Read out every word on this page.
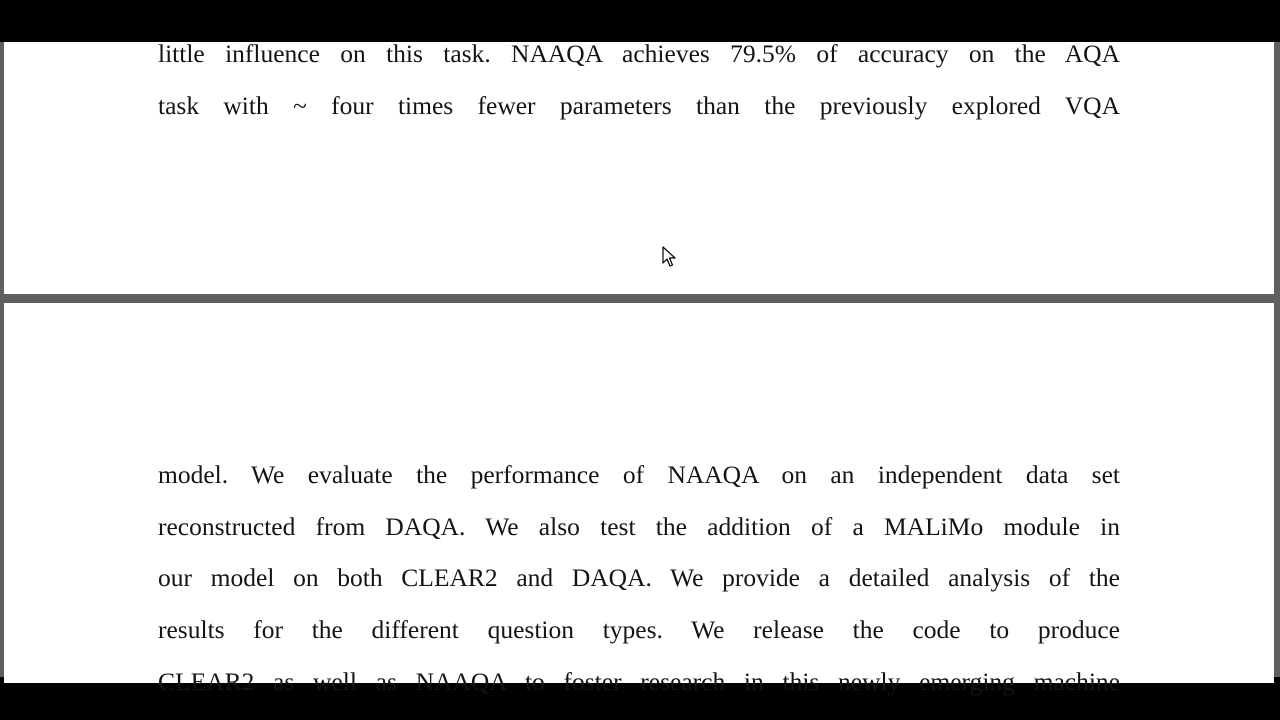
little influence on this task. NAAQA achieves 79.5% of accuracy on the AQA
task with ~ four times fewer parameters than the previously explored VQA
model. We evaluate the performance of NAAQA on an independent data set
reconstructed from DAQA. We also test the addition of a MALiMo module in
our model on both CLEAR2 and DAQA. We provide a detailed analysis of the
results for the different question types. We release the code to produce
CLEAR2 as well as NAAQA to foster research in this newly emerging machine
